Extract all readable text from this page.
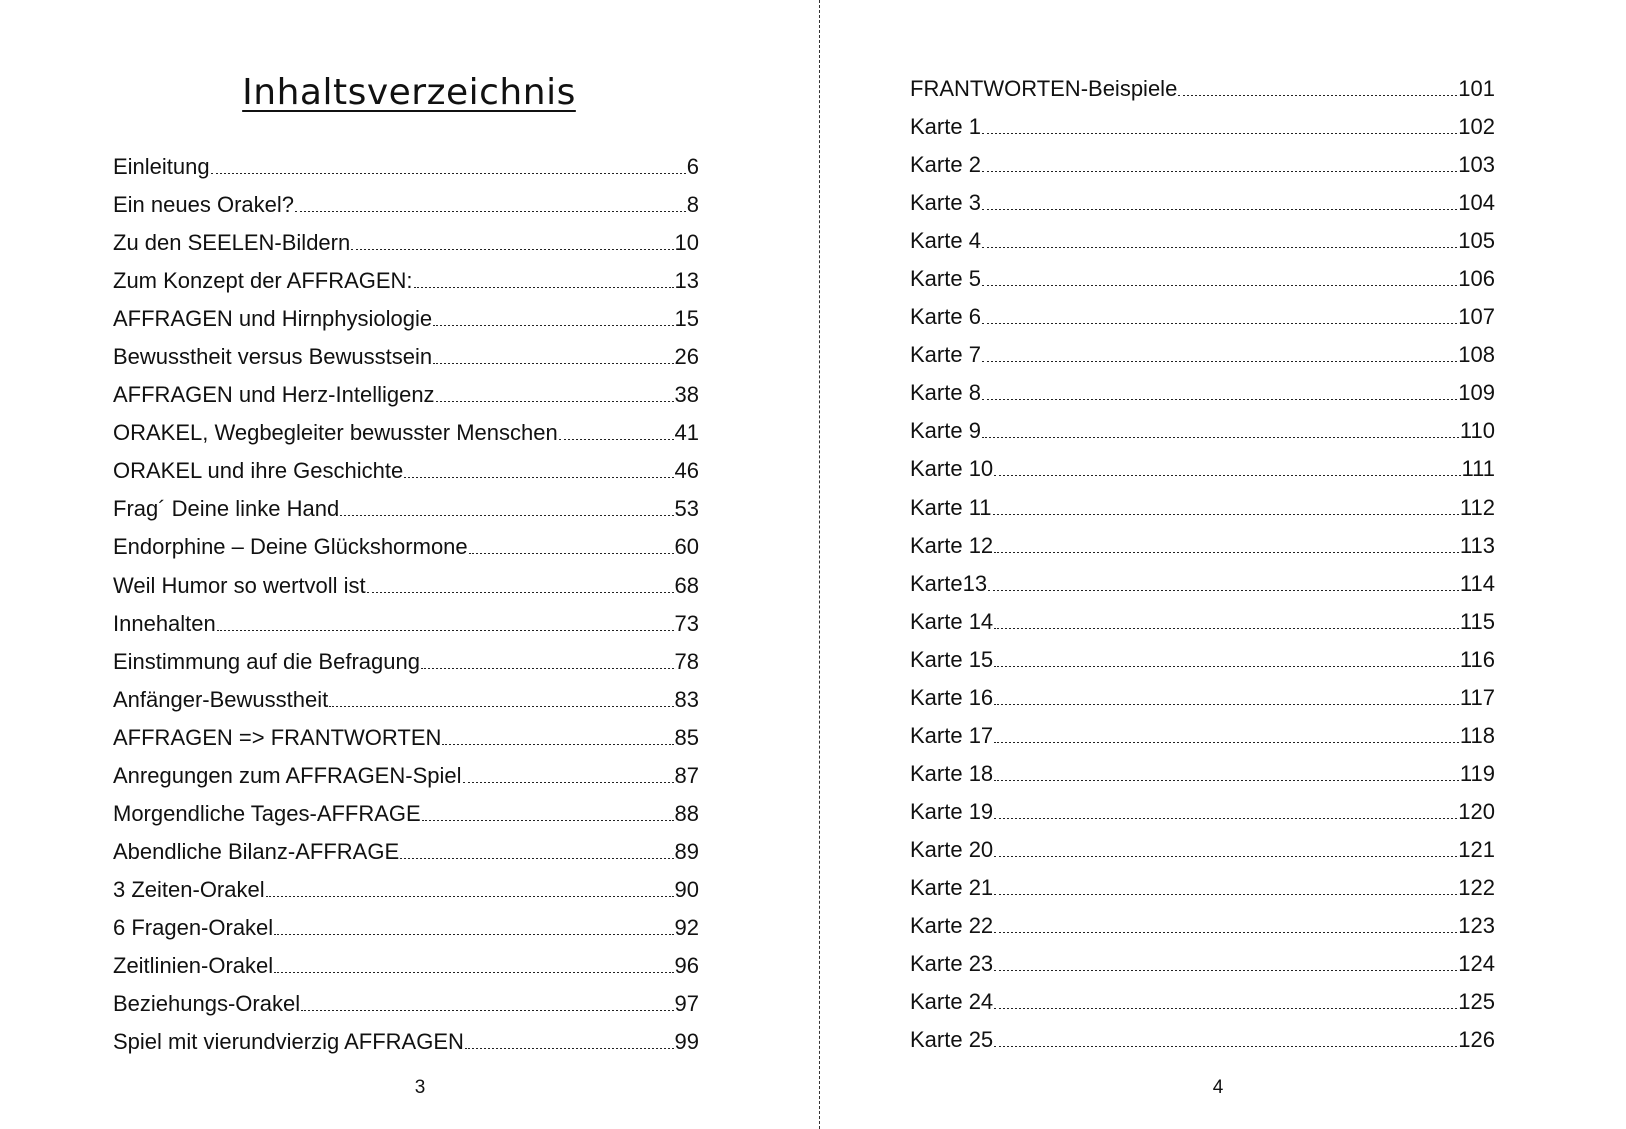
Inhaltsverzeichnis
Einleitung	6
Ein neues Orakel?	8
Zu den SEELEN-Bildern	10
Zum Konzept der AFFRAGEN:	13
AFFRAGEN und Hirnphysiologie	15
Bewusstheit versus Bewusstsein	26
AFFRAGEN und Herz-Intelligenz	38
ORAKEL, Wegbegleiter bewusster Menschen	41
ORAKEL und ihre Geschichte	46
Frag´ Deine linke Hand	53
Endorphine – Deine Glückshormone	60
Weil Humor so wertvoll ist	68
Innehalten	73
Einstimmung auf die Befragung	78
Anfänger-Bewusstheit	83
AFFRAGEN => FRANTWORTEN	85
Anregungen zum AFFRAGEN-Spiel	87
Morgendliche Tages-AFFRAGE	88
Abendliche Bilanz-AFFRAGE	89
3 Zeiten-Orakel	90
6 Fragen-Orakel	92
Zeitlinien-Orakel	96
Beziehungs-Orakel	97
Spiel mit vierundvierzig AFFRAGEN	99
3
FRANTWORTEN-Beispiele	101
Karte 1	102
Karte 2	103
Karte 3	104
Karte 4	105
Karte 5	106
Karte 6	107
Karte 7	108
Karte 8	109
Karte 9	110
Karte 10	111
Karte 11	112
Karte 12	113
Karte13	114
Karte 14	115
Karte 15	116
Karte 16	117
Karte 17	118
Karte 18	119
Karte 19	120
Karte 20	121
Karte 21	122
Karte 22	123
Karte 23	124
Karte 24	125
Karte 25	126
4
